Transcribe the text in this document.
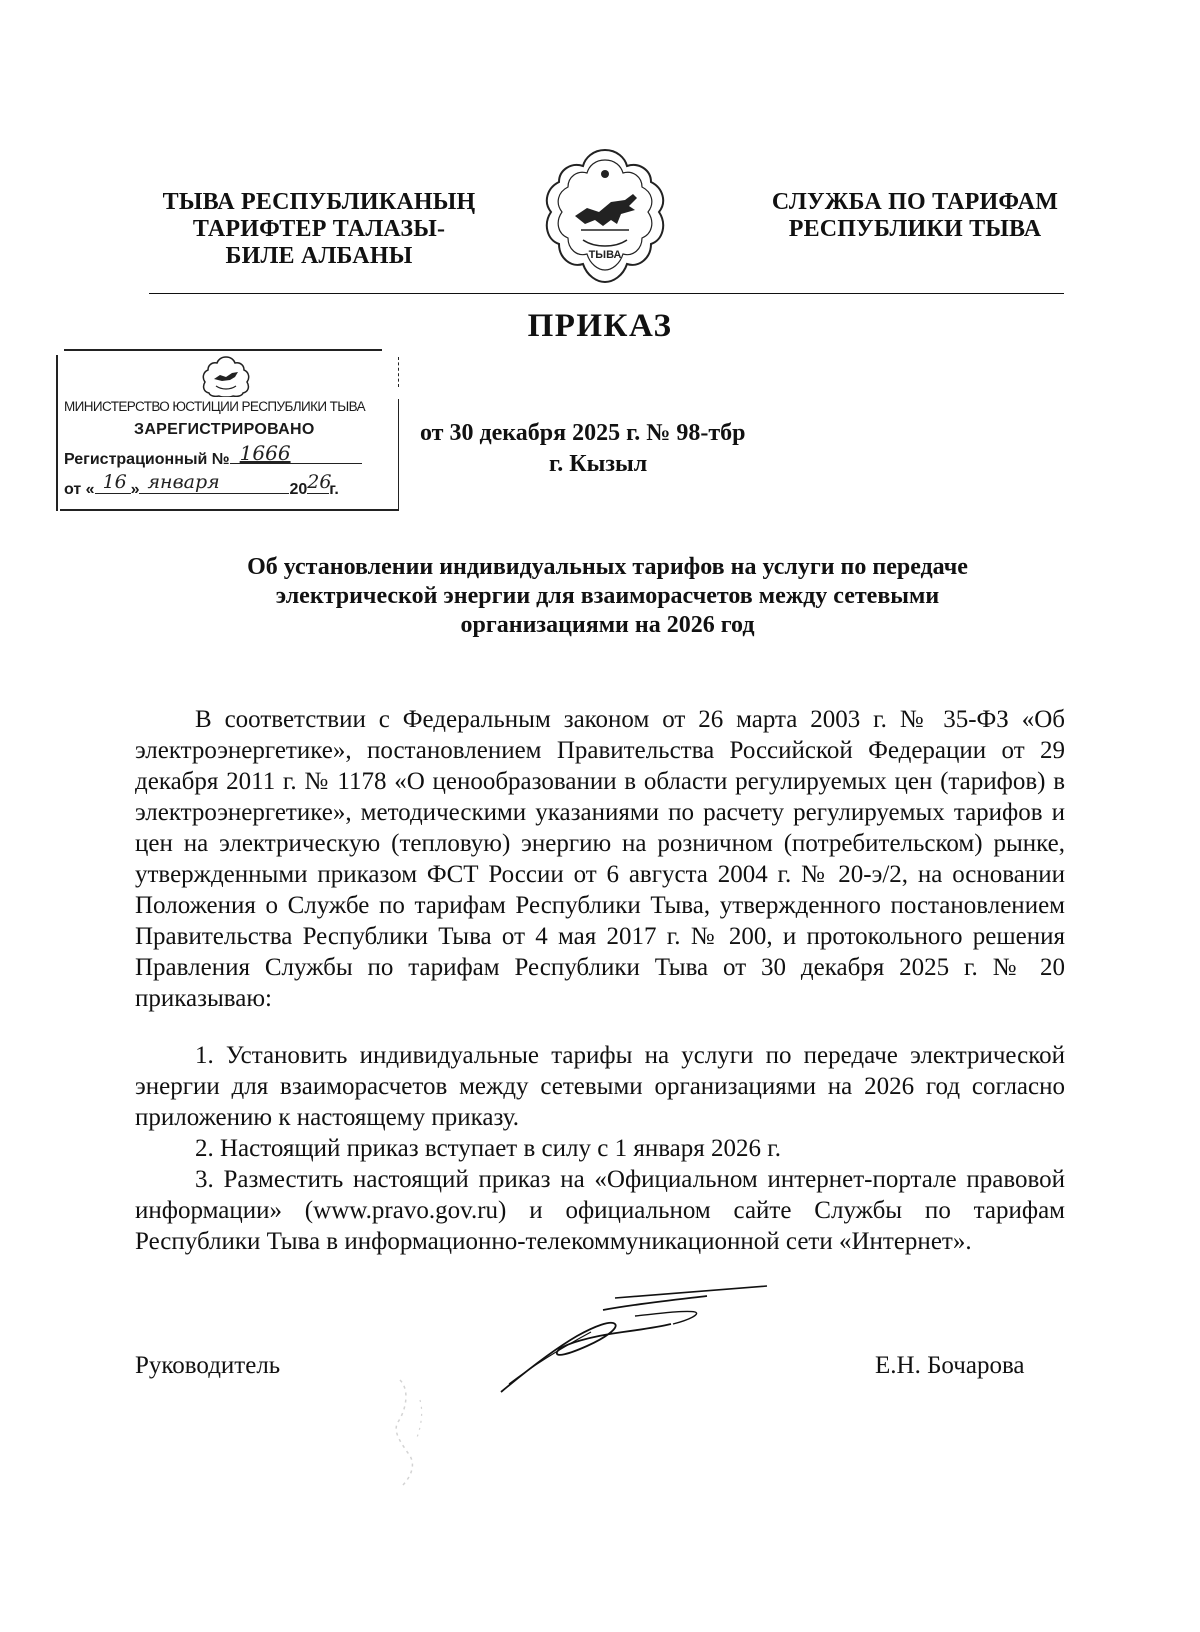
ТЫВА РЕСПУБЛИКАНЫҢ
ТАРИФТЕР ТАЛАЗЫ-
БИЛЕ АЛБАНЫ	ТЫВА
СЛУЖБА ПО ТАРИФАМ
РЕСПУБЛИКИ ТЫВА
ПРИКАЗ
МИНИСТЕРСТВО ЮСТИЦИИ РЕСПУБЛИКИ ТЫВА
ЗАРЕГИСТРИРОВАНО
Регистрационный № 1666
от « 16 » января	20 26
г.
от 30 декабря 2025 г. № 98-тбр
г. Кызыл
Об установлении индивидуальных тарифов на услуги по передаче
электрической энергии для взаиморасчетов между сетевыми
организациями на 2026 год

В соответствии с Федеральным законом от 26 марта 2003 г. № 35-ФЗ «Об электроэнергетике», постановлением Правительства Российской Федерации от 29 декабря 2011 г. № 1178 «О ценообразовании в области регулируемых цен (тарифов) в электроэнергетике», методическими указаниями по расчету регулируемых тарифов и цен на электрическую (тепловую) энергию на розничном (потребительском) рынке, утвержденными приказом ФСТ России от 6 августа 2004 г. № 20-э/2, на основании Положения о Службе по тарифам Республики Тыва, утвержденного постановлением Правительства Республики Тыва от 4 мая 2017 г. № 200, и протокольного решения Правления Службы по тарифам Республики Тыва от 30 декабря 2025 г. № 20 приказываю:

1. Установить индивидуальные тарифы на услуги по передаче электрической энергии для взаиморасчетов между сетевыми организациями на 2026 год согласно приложению к настоящему приказу.

2. Настоящий приказ вступает в силу с 1 января 2026 г.

3. Разместить настоящий приказ на «Официальном интернет-портале правовой информации» (www.pravo.gov.ru) и официальном сайте Службы по тарифам Республики Тыва в информационно-телекоммуникационной сети «Интернет».

Руководитель	Е.Н. Бочарова
